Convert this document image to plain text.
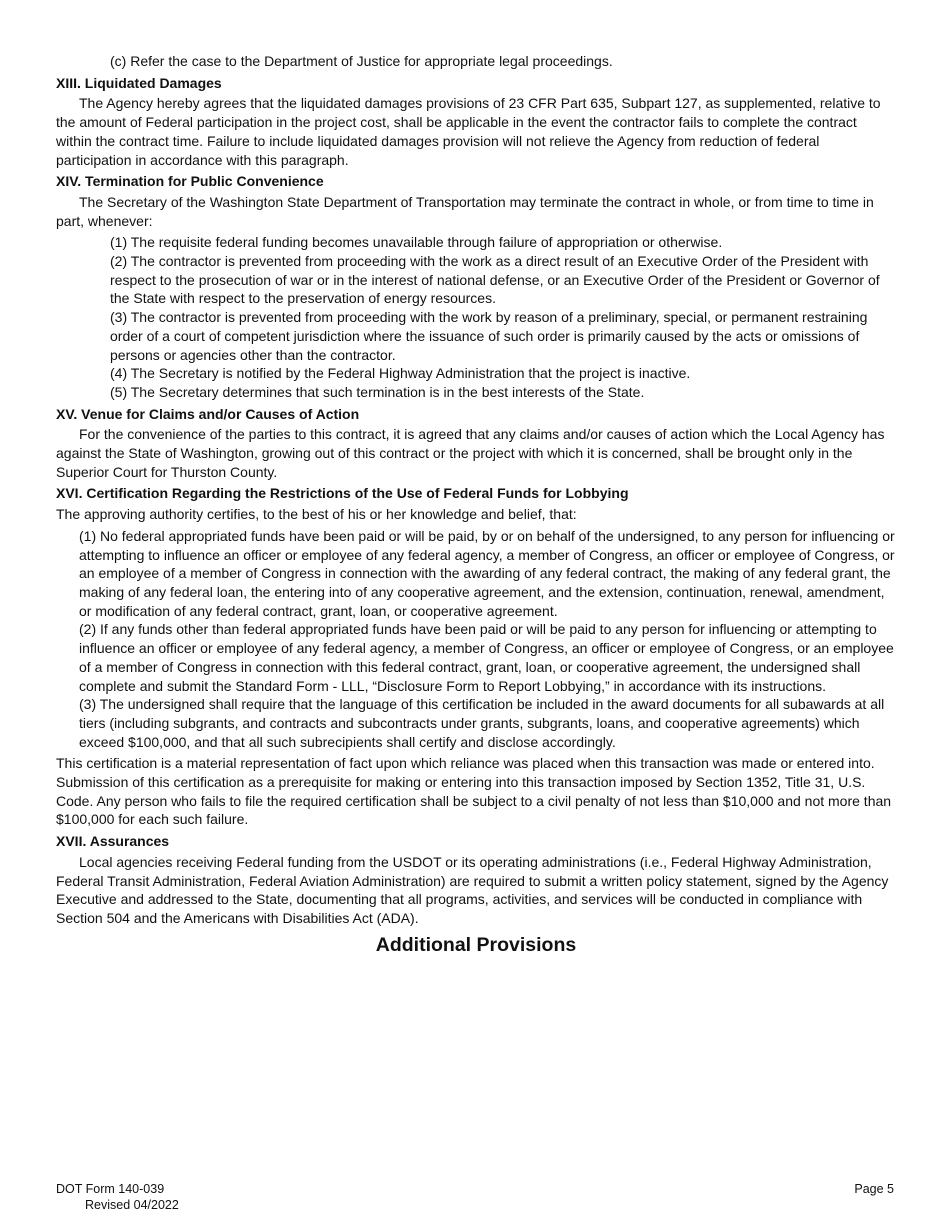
(c) Refer the case to the Department of Justice for appropriate legal proceedings.

XIII. Liquidated Damages

The Agency hereby agrees that the liquidated damages provisions of 23 CFR Part 635, Subpart 127, as supplemented, relative to the amount of Federal participation in the project cost, shall be applicable in the event the contractor fails to complete the contract within the contract time. Failure to include liquidated damages provision will not relieve the Agency from reduction of federal participation in accordance with this paragraph.

XIV. Termination for Public Convenience

The Secretary of the Washington State Department of Transportation may terminate the contract in whole, or from time to time in part, whenever:

(1) The requisite federal funding becomes unavailable through failure of appropriation or otherwise.

(2) The contractor is prevented from proceeding with the work as a direct result of an Executive Order of the President with respect to the prosecution of war or in the interest of national defense, or an Executive Order of the President or Governor of the State with respect to the preservation of energy resources.

(3) The contractor is prevented from proceeding with the work by reason of a preliminary, special, or permanent restraining order of a court of competent jurisdiction where the issuance of such order is primarily caused by the acts or omissions of persons or agencies other than the contractor.

(4) The Secretary is notified by the Federal Highway Administration that the project is inactive.

(5) The Secretary determines that such termination is in the best interests of the State.

XV. Venue for Claims and/or Causes of Action

For the convenience of the parties to this contract, it is agreed that any claims and/or causes of action which the Local Agency has against the State of Washington, growing out of this contract or the project with which it is concerned, shall be brought only in the Superior Court for Thurston County.

XVI. Certification Regarding the Restrictions of the Use of Federal Funds for Lobbying

The approving authority certifies, to the best of his or her knowledge and belief, that:

(1) No federal appropriated funds have been paid or will be paid, by or on behalf of the undersigned, to any person for influencing or attempting to influence an officer or employee of any federal agency, a member of Congress, an officer or employee of Congress, or an employee of a member of Congress in connection with the awarding of any federal contract, the making of any federal grant, the making of any federal loan, the entering into of any cooperative agreement, and the extension, continuation, renewal, amendment, or modification of any federal contract, grant, loan, or cooperative agreement.

(2) If any funds other than federal appropriated funds have been paid or will be paid to any person for influencing or attempting to influence an officer or employee of any federal agency, a member of Congress, an officer or employee of Congress, or an employee of a member of Congress in connection with this federal contract, grant, loan, or cooperative agreement, the undersigned shall complete and submit the Standard Form - LLL, “Disclosure Form to Report Lobbying,” in accordance with its instructions.

(3) The undersigned shall require that the language of this certification be included in the award documents for all subawards at all tiers (including subgrants, and contracts and subcontracts under grants, subgrants, loans, and cooperative agreements) which exceed $100,000, and that all such subrecipients shall certify and disclose accordingly.

This certification is a material representation of fact upon which reliance was placed when this transaction was made or entered into. Submission of this certification as a prerequisite for making or entering into this transaction imposed by Section 1352, Title 31, U.S. Code. Any person who fails to file the required certification shall be subject to a civil penalty of not less than $10,000 and not more than $100,000 for each such failure.

XVII. Assurances

Local agencies receiving Federal funding from the USDOT or its operating administrations (i.e., Federal Highway Administration, Federal Transit Administration, Federal Aviation Administration) are required to submit a written policy statement, signed by the Agency Executive and addressed to the State, documenting that all programs, activities, and services will be conducted in compliance with Section 504 and the Americans with Disabilities Act (ADA).

Additional Provisions

DOT Form 140-039
Revised 04/2022
Page 5
